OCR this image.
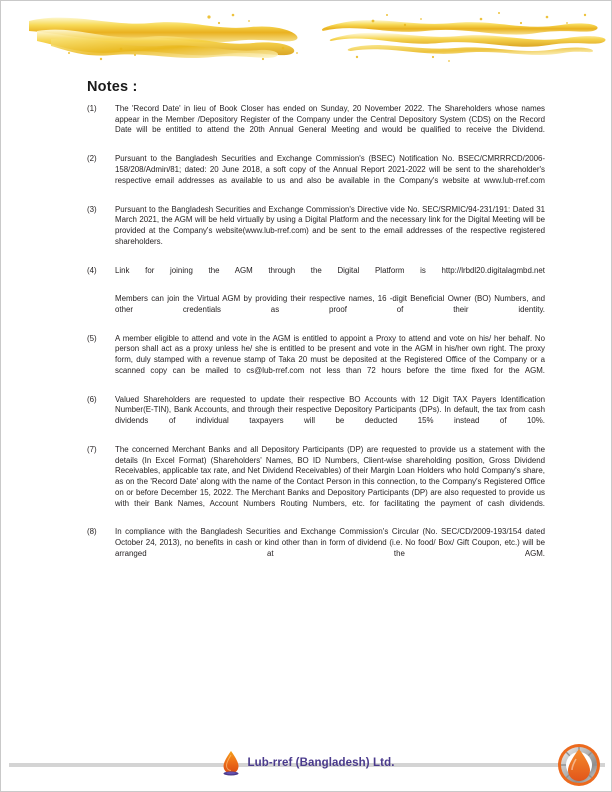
Notes :
(1)	The 'Record Date' in lieu of Book Closer has ended on Sunday, 20 November 2022. The Shareholders whose names appear in the Member /Depository Register of the Company under the Central Depository System (CDS) on the Record Date will be entitled to attend the 20th Annual General Meeting and would be qualified to receive the Dividend.

(2)	Pursuant to the Bangladesh Securities and Exchange Commission's (BSEC) Notification No. BSEC/CMRRRCD/2006-158/208/Admin/81; dated: 20 June 2018, a soft copy of the Annual Report 2021-2022 will be sent to the shareholder's respective email addresses as available to us and also be available in the Company's website at www.lub-rref.com

(3)	Pursuant to the Bangladesh Securities and Exchange Commission's Directive vide No. SEC/SRMIC/94-231/191: Dated 31 March 2021, the AGM will be held virtually by using a Digital Platform and the necessary link for the Digital Meeting will be provided at the Company's website(www.lub-rref.com) and be sent to the email addresses of the respective registered shareholders.

(4)	Link for joining the AGM through the Digital Platform is http://lrbdl20.digitalagmbd.net

Members can join the Virtual AGM by providing their respective names, 16 -digit Beneficial Owner (BO) Numbers, and other credentials as proof of their identity.

(5)	A member eligible to attend and vote in the AGM is entitled to appoint a Proxy to attend and vote on his/ her behalf. No person shall act as a proxy unless he/ she is entitled to be present and vote in the AGM in his/her own right. The proxy form, duly stamped with a revenue stamp of Taka 20 must be deposited at the Registered Office of the Company or a scanned copy can be mailed to cs@lub-rref.com not less than 72 hours before the time fixed for the AGM.

(6)	Valued Shareholders are requested to update their respective BO Accounts with 12 Digit TAX Payers Identification Number(E-TIN), Bank Accounts, and through their respective Depository Participants (DPs). In default, the tax from cash dividends of individual taxpayers will be deducted 15% instead of 10%.

(7)	The concerned Merchant Banks and all Depository Participants (DP) are requested to provide us a statement with the details (In Excel Format) (Shareholders' Names, BO ID Numbers, Client-wise shareholding position, Gross Dividend Receivables, applicable tax rate, and Net Dividend Receivables) of their Margin Loan Holders who hold Company's share, as on the 'Record Date' along with the name of the Contact Person in this connection, to the Company's Registered Office on or before December 15, 2022. The Merchant Banks and Depository Participants (DP) are also requested to provide us with their Bank Names, Account Numbers Routing Numbers, etc. for facilitating the payment of cash dividends.

(8)	In compliance with the Bangladesh Securities and Exchange Commission's Circular (No. SEC/CD/2009-193/154 dated October 24, 2013), no benefits in cash or kind other than in form of dividend (i.e. No food/ Box/ Gift Coupon, etc.) will be arranged at the AGM.

Lub-rref (Bangladesh) Ltd.
